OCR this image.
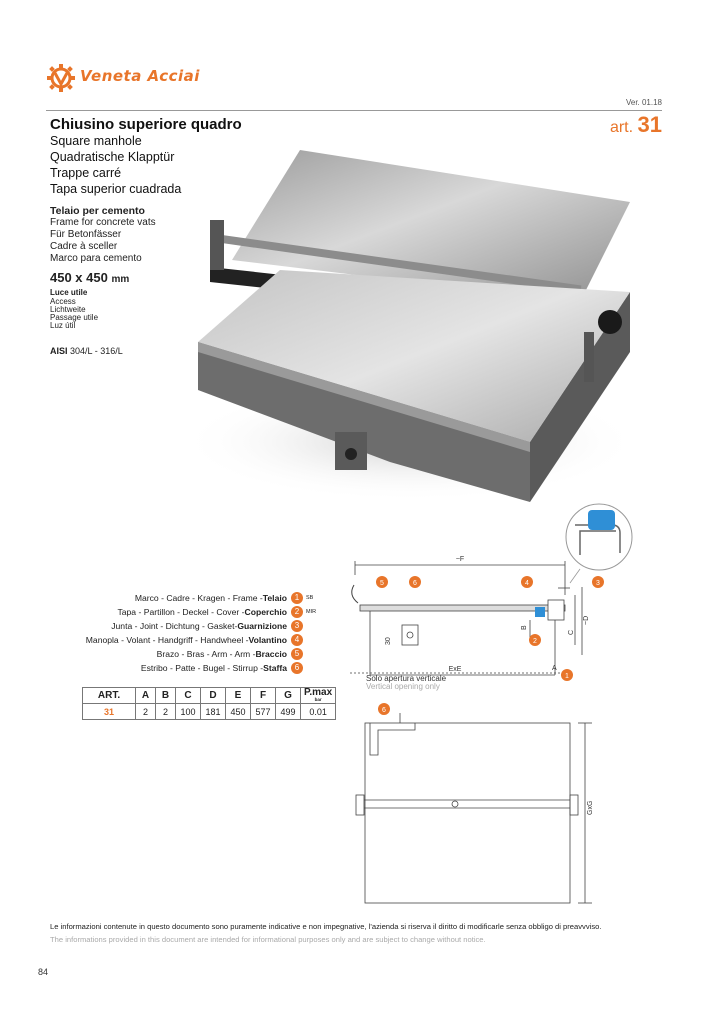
Veneta Acciai
Ver. 01.18
art. 31
Chiusino superiore quadro
Square manhole
Quadratische Klapptür
Trappe carré
Tapa superior cuadrada
Telaio per cemento
Frame for concrete vats
Für Betonfässer
Cadre à sceller
Marco para cemento
450 x 450 mm
Luce utile
Access
Lichtweite
Passage utile
Luz útil
AISI 304/L - 316/L
Marco - Cadre - Kragen - Frame - Telaio 1	SB
Tapa - Partillon - Deckel - Cover - Coperchio 2	MIR
Junta - Joint - Dichtung - Gasket- Guarnizione 3
Manopla - Volant - Handgriff - Handwheel - Volantino 4
Brazo - Bras - Arm - Arm - Braccio 5
Estribo - Patte - Bugel - Stirrup - Staffa 6
ART.	A	B	C	D	E	F	G	P.max
bar

31	2	2	100	181	450	577	499	0.01
~F
ExE	A
B
C
~D
30
Solo apertura verticale
Vertical opening only
5	6	4	3
2
1
6
GxG
Le informazioni contenute in questo documento sono puramente indicative e non impegnative, l'azienda si riserva il diritto di modificarle senza obbligo di preavvviso.
The informations provided in this document are intended for informational purposes only and are subject to change without notice.
84
